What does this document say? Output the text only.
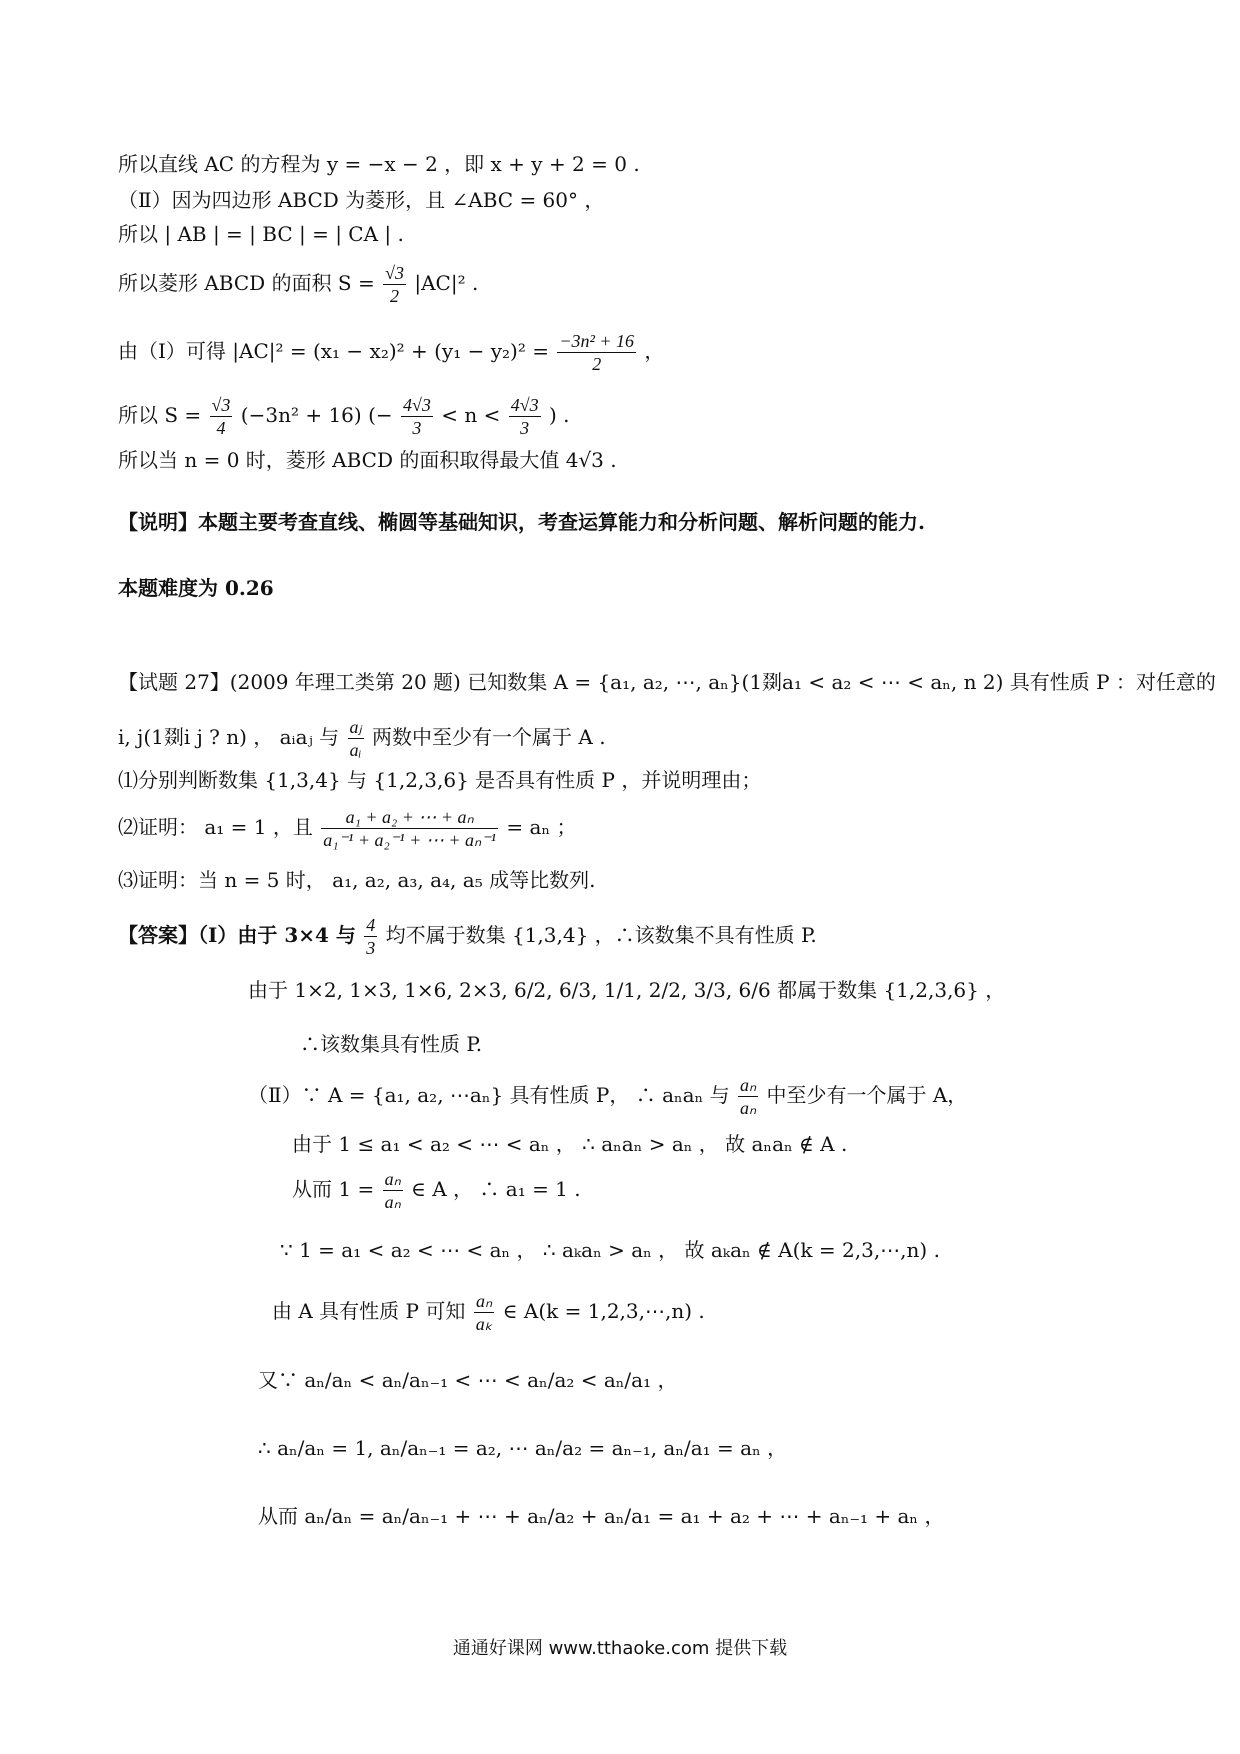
所以直线 AC 的方程为 y = −x − 2 ，即 x + y + 2 = 0 .
（Ⅱ）因为四边形 ABCD 为菱形，且 ∠ABC = 60° ，
所以 | AB | = | BC | = | CA | .
所以菱形 ABCD 的面积 $S = \frac{√3}{2} |AC|^2$ .
由（Ⅰ）可得 $|AC|^2 = (x_1 - x_2)^2 + (y_1 - y_2)^2 = \frac{\text{−3n² + 16}}{2}$ ，
所以 $S = \frac{√3}{4} (-3n^2 + 16)$ (− $\frac{4√3}{3} < n < \frac{4√3}{3}$ ) .
所以当 n = 0 时，菱形 ABCD 的面积取得最大值 4√3 .
【说明】本题主要考查直线、椭圆等基础知识，考查运算能力和分析问题、解析问题的能力.
本题难度为 0.26
【试题 27】(2009 年理工类第 20 题) 已知数集 A = {a₁, a₂, ⋯, aₙ}(1剟a₁ < a₂ < ⋯ < aₙ, n 2) 具有性质 P ：对任意的
i, j(1剟i j ? n) ， aᵢaⱼ 与 $\frac{\text{aⱼ}}{\text{aᵢ}}$ 两数中至少有一个属于 A .
⑴分别判断数集 {1,3,4} 与 {1,2,3,6} 是否具有性质 P ，并说明理由；
⑵证明： a₁ = 1 ，且 $\frac{\text{a₁ + a₂ + ⋯ + aₙ}}{\text{a₁⁻¹ + a₂⁻¹ + ⋯ + aₙ⁻¹}} = a_n$ ；
⑶证明：当 n = 5 时， a₁, a₂, a₃, a₄, a₅ 成等比数列.
【答案】（Ⅰ）由于 3×4 与 $\frac{4}{3}$ 均不属于数集 {1,3,4} ，∴该数集不具有性质 P.
由于 1×2, 1×3, 1×6, 2×3, 6/2, 6/3, 1/1, 2/2, 3/3, 6/6 都属于数集 {1,2,3,6} ，
∴该数集具有性质 P.
（Ⅱ）∵ A = {a₁, a₂, ⋯aₙ} 具有性质 P， ∴ aₙaₙ 与 $\frac{\text{aₙ}}{\text{aₙ}}$ 中至少有一个属于 A，
由于 1 ≤ a₁ < a₂ < ⋯ < aₙ ， ∴ aₙaₙ > aₙ ， 故 aₙaₙ ∉ A .
从而 $1 = \frac{\text{aₙ}}{\text{aₙ}}$ ∈ A ， ∴ a₁ = 1 .
∵ 1 = a₁ < a₂ < ⋯ < aₙ ， ∴ aₖaₙ > aₙ ， 故 aₖaₙ ∉ A(k = 2,3,⋯,n) .
由 A 具有性质 P 可知 $\frac{\text{aₙ}}{\text{aₖ}}$ ∈ A(k = 1,2,3,⋯,n) .
又∵ aₙ/aₙ < aₙ/aₙ₋₁ < ⋯ < aₙ/a₂ < aₙ/a₁ ，
∴ aₙ/aₙ = 1, aₙ/aₙ₋₁ = a₂, ⋯ aₙ/a₂ = aₙ₋₁, aₙ/a₁ = aₙ ，
从而 aₙ/aₙ = aₙ/aₙ₋₁ + ⋯ + aₙ/a₂ + aₙ/a₁ = a₁ + a₂ + ⋯ + aₙ₋₁ + aₙ ，
通通好课网 www.tthaoke.com 提供下载
